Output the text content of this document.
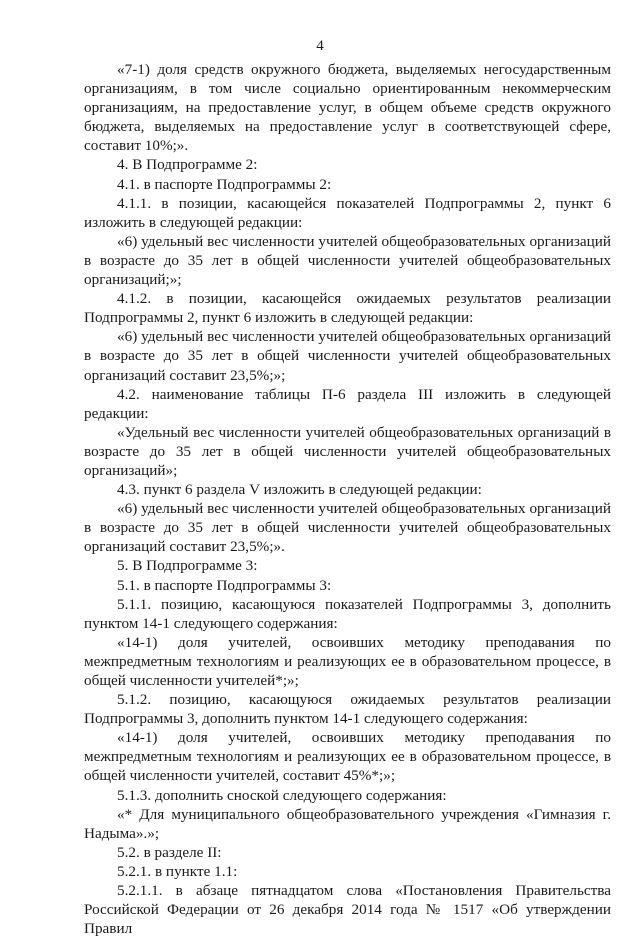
4

«7-1) доля средств окружного бюджета, выделяемых негосударственным организациям, в том числе социально ориентированным некоммерческим организациям, на предоставление услуг, в общем объеме средств окружного бюджета, выделяемых на предоставление услуг в соответствующей сфере, составит 10%;».

4. В Подпрограмме 2:

4.1. в паспорте Подпрограммы 2:

4.1.1. в позиции, касающейся показателей Подпрограммы 2, пункт 6 изложить в следующей редакции:

«6) удельный вес численности учителей общеобразовательных организаций в возрасте до 35 лет в общей численности учителей общеобразовательных организаций;»;

4.1.2. в позиции, касающейся ожидаемых результатов реализации Подпрограммы 2, пункт 6 изложить в следующей редакции:

«6) удельный вес численности учителей общеобразовательных организаций в возрасте до 35 лет в общей численности учителей общеобразовательных организаций составит 23,5%;»;

4.2. наименование таблицы П-6 раздела III изложить в следующей редакции:

«Удельный вес численности учителей общеобразовательных организаций в возрасте до 35 лет в общей численности учителей общеобразовательных организаций»;

4.3. пункт 6 раздела V изложить в следующей редакции:

«6) удельный вес численности учителей общеобразовательных организаций в возрасте до 35 лет в общей численности учителей общеобразовательных организаций составит 23,5%;».

5. В Подпрограмме 3:

5.1. в паспорте Подпрограммы 3:

5.1.1. позицию, касающуюся показателей Подпрограммы 3, дополнить пунктом 14-1 следующего содержания:

«14-1) доля учителей, освоивших методику преподавания по межпредметным технологиям и реализующих ее в образовательном процессе, в общей численности учителей*;»;

5.1.2. позицию, касающуюся ожидаемых результатов реализации Подпрограммы 3, дополнить пунктом 14-1 следующего содержания:

«14-1) доля учителей, освоивших методику преподавания по межпредметным технологиям и реализующих ее в образовательном процессе, в общей численности учителей, составит 45%*;»;

5.1.3. дополнить сноской следующего содержания:

«* Для муниципального общеобразовательного учреждения «Гимназия г. Надыма».»;

5.2. в разделе II:

5.2.1. в пункте 1.1:

5.2.1.1. в абзаце пятнадцатом слова «Постановления Правительства Российской Федерации от 26 декабря 2014 года № 1517 «Об утверждении Правил
